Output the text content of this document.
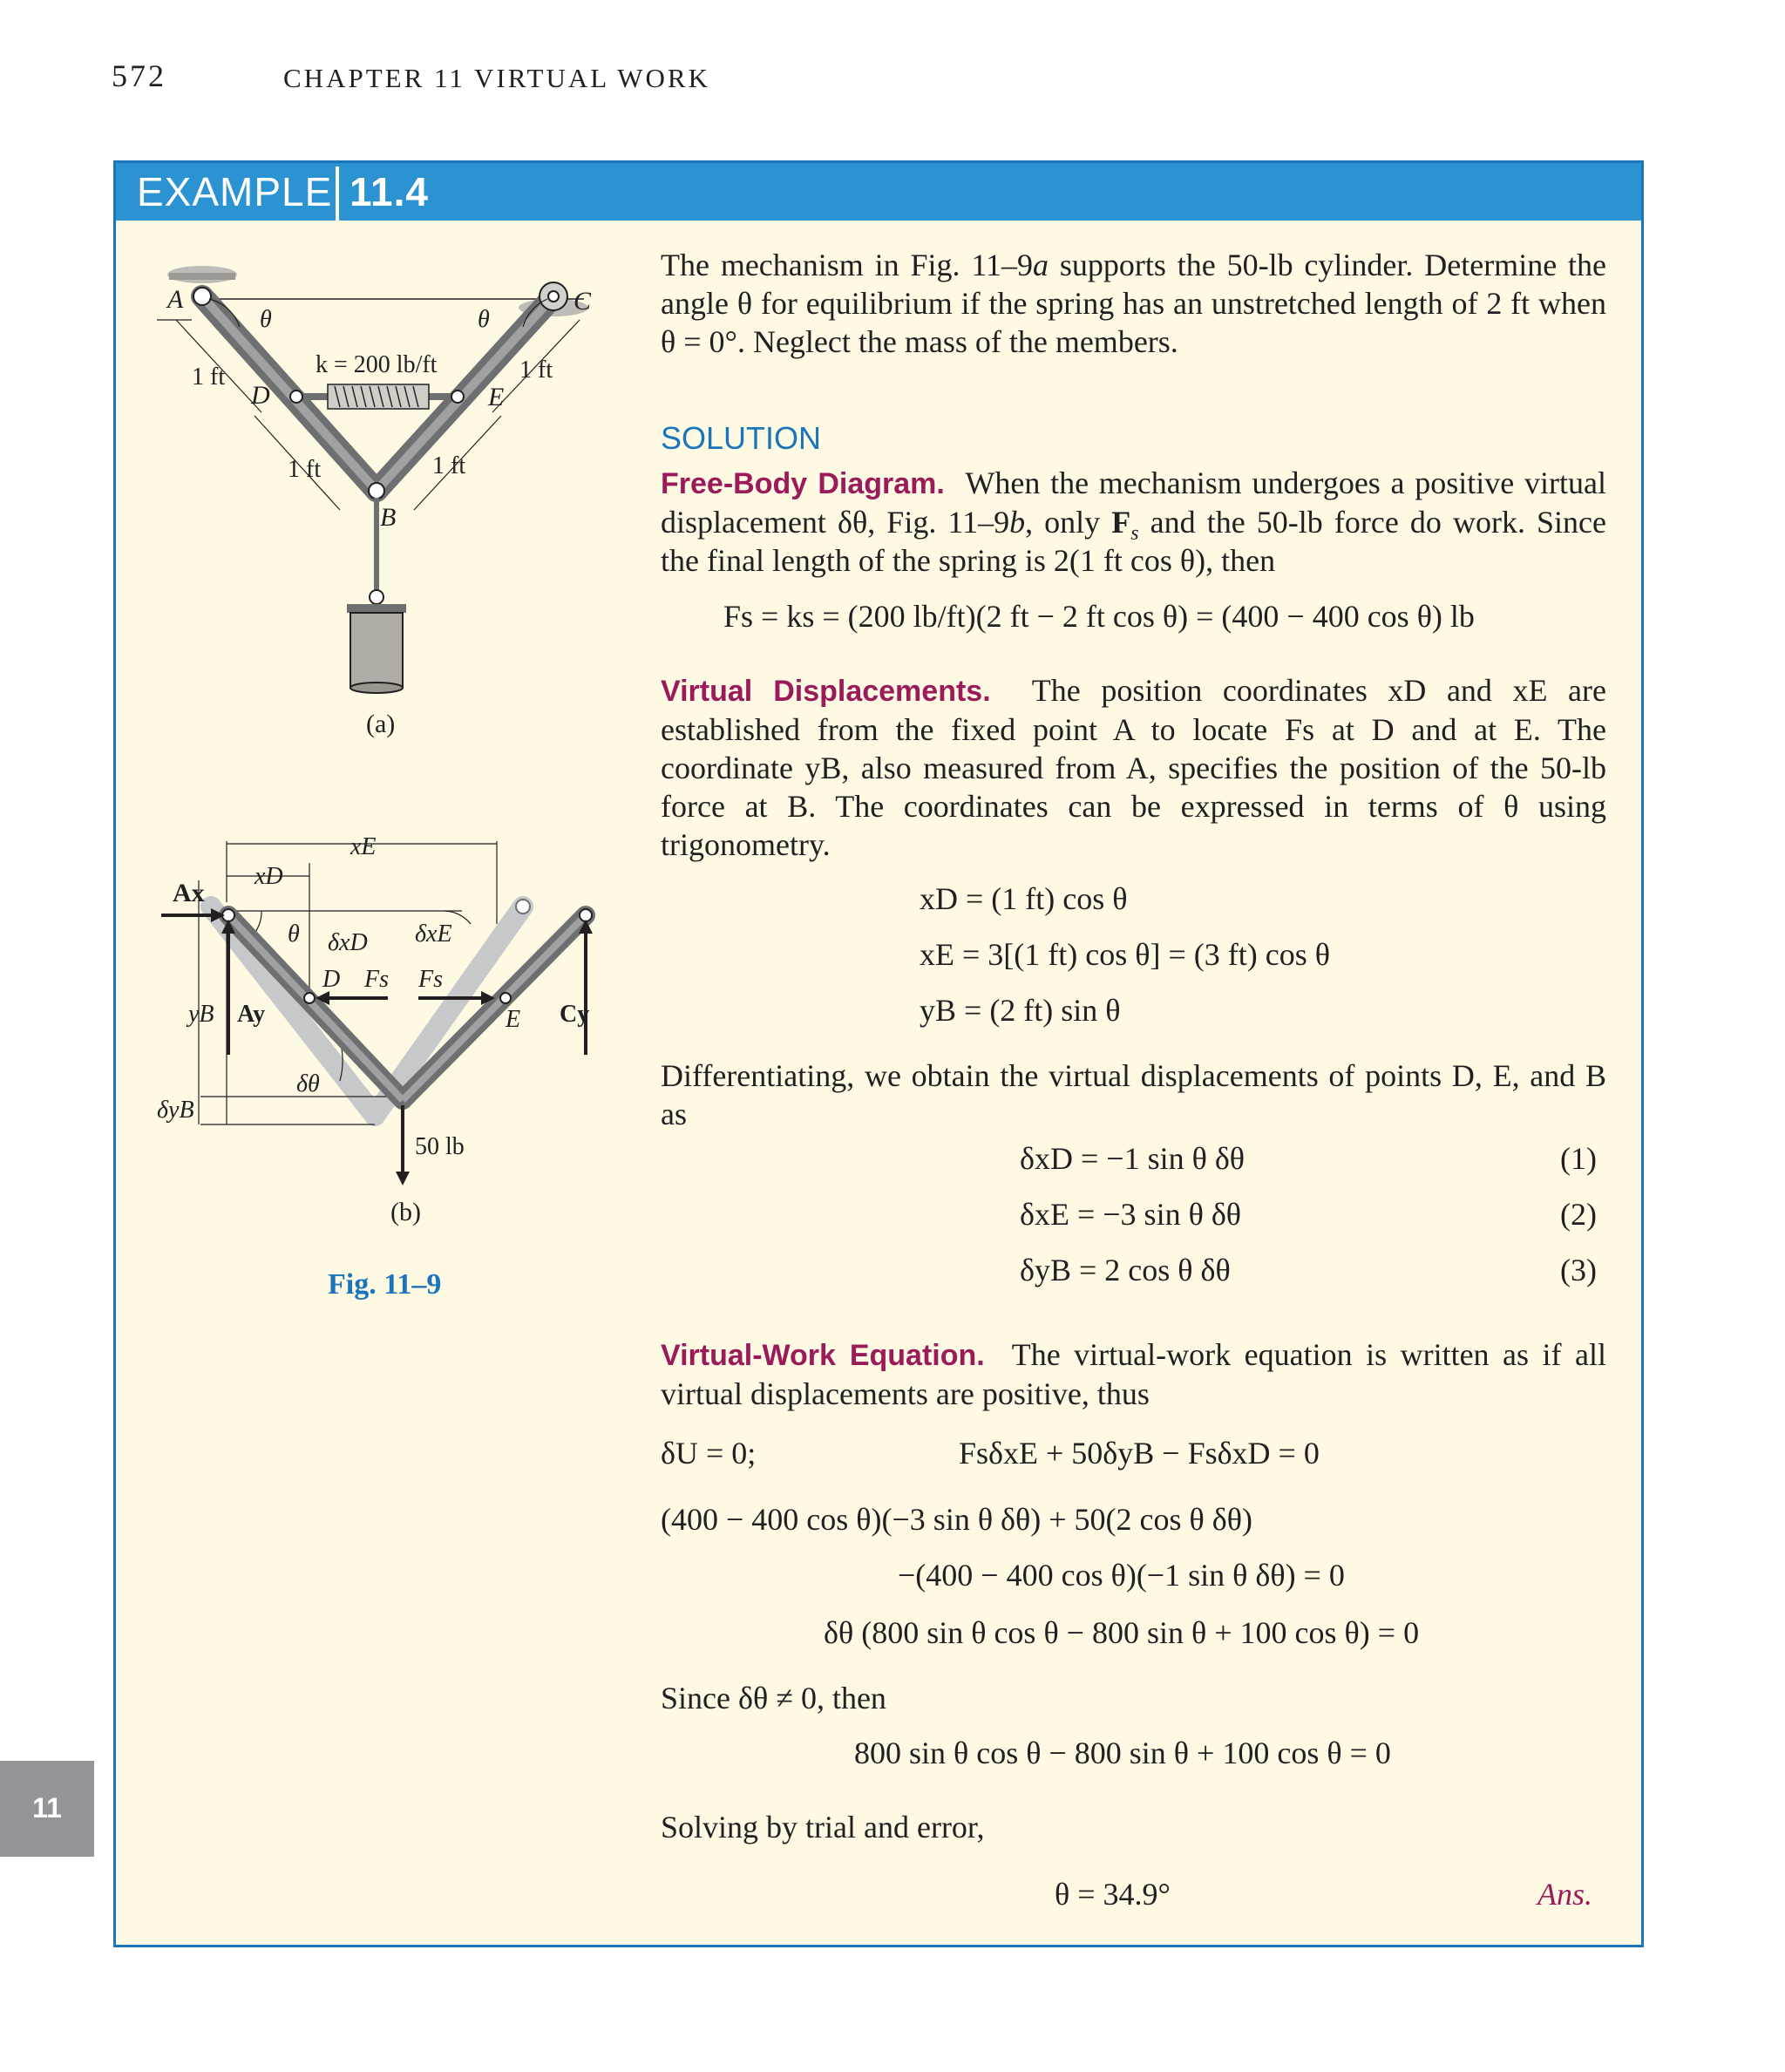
572	CHAPTER 11 VIRTUAL WORK
EXAMPLE 11.4
11
A	C
θ	θ
1 ft	1 ft
D	E
k = 200 lb/ft
1 ft	1 ft
B
(a)
Ax
xE
xD
θ δxD δxE
D Fs Fs
E
yB Ay	Cy
δθ
δyB
50 lb
(b)
Fig. 11–9
The mechanism in Fig. 11–9a supports the 50-lb cylinder. Determine the angle θ for equilibrium if the spring has an unstretched length of 2 ft when θ = 0°. Neglect the mass of the members.
SOLUTION
Free-Body Diagram. When the mechanism undergoes a positive virtual displacement δθ, Fig. 11–9b, only $F_s$ and the 50-lb force do work. Since the final length of the spring is 2(1 ft cos θ), then
Fs = ks = (200 lb/ft)(2 ft − 2 ft cos θ) = (400 − 400 cos θ) lb
Virtual Displacements. The position coordinates xD and xE are established from the fixed point A to locate Fs at D and at E. The coordinate yB, also measured from A, specifies the position of the 50-lb force at B. The coordinates can be expressed in terms of θ using trigonometry.
xD = (1 ft) cos θ
xE = 3[(1 ft) cos θ] = (3 ft) cos θ
yB = (2 ft) sin θ
Differentiating, we obtain the virtual displacements of points D, E, and B as
δxD = −1 sin θ δθ
δxE = −3 sin θ δθ
δyB = 2 cos θ δθ
(1)
(2)
(3)
Virtual-Work Equation. The virtual-work equation is written as if all virtual displacements are positive, thus
δU = 0;	FsδxE + 50δyB − FsδxD = 0
(400 − 400 cos θ)(−3 sin θ δθ) + 50(2 cos θ δθ)
−(400 − 400 cos θ)(−1 sin θ δθ) = 0
δθ (800 sin θ cos θ − 800 sin θ + 100 cos θ) = 0
Since δθ ≠ 0, then
800 sin θ cos θ − 800 sin θ + 100 cos θ = 0
Solving by trial and error,
θ = 34.9°	Ans.
